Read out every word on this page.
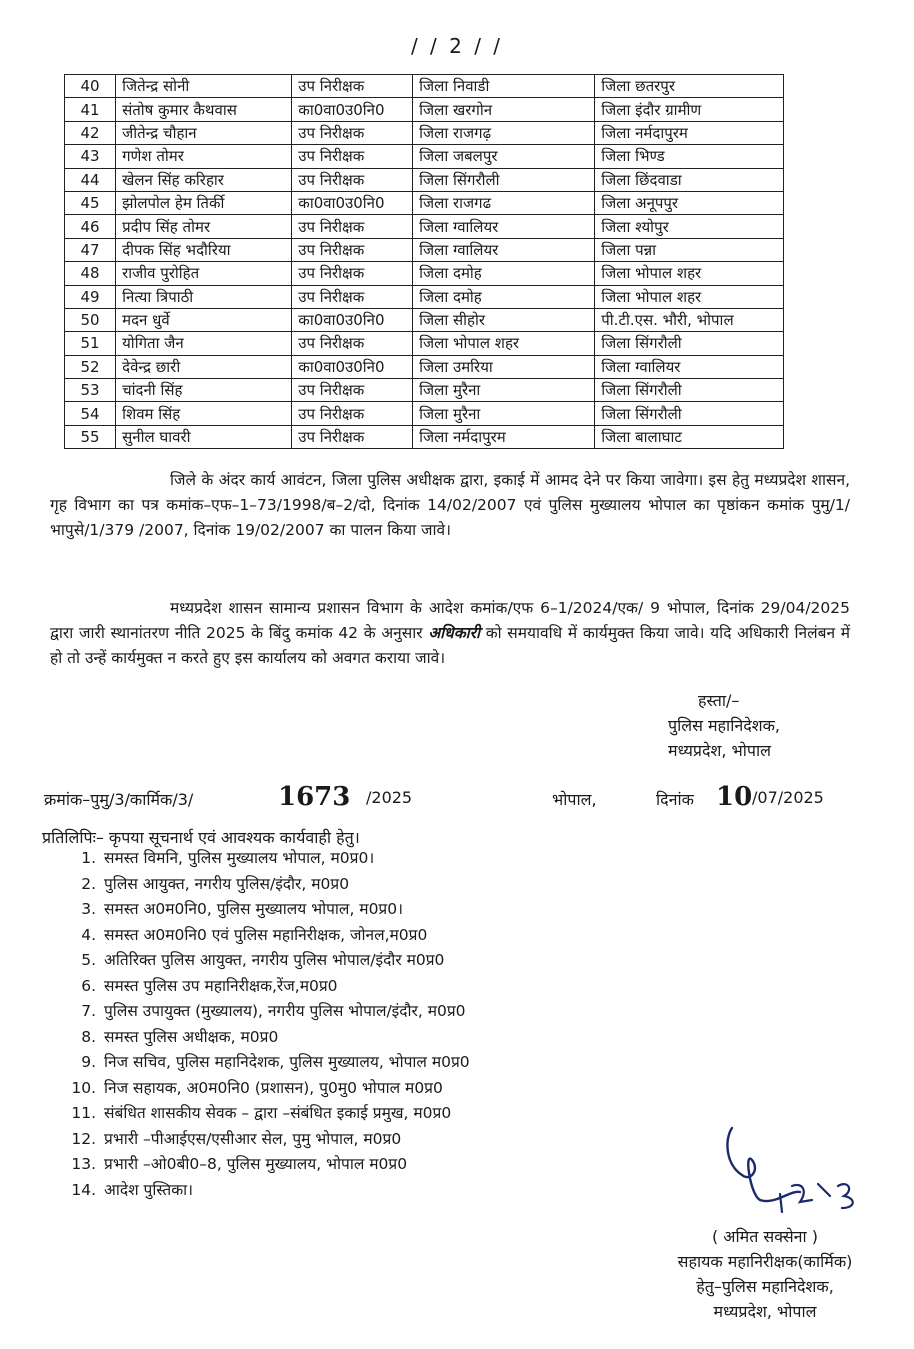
/ / 2 / /
40	जितेन्द्र सोनी	उप निरीक्षक	जिला निवाडी	जिला छतरपुर
41	संतोष कुमार कैथवास	का0वा0उ0नि0	जिला खरगोन	जिला इंदौर ग्रामीण
42	जीतेन्द्र चौहान	उप निरीक्षक	जिला राजगढ़	जिला नर्मदापुरम
43	गणेश तोमर	उप निरीक्षक	जिला जबलपुर	जिला भिण्ड
44	खेलन सिंह करिहार	उप निरीक्षक	जिला सिंगरौली	जिला छिंदवाडा
45	झोलपोल हेम तिर्की	का0वा0उ0नि0	जिला राजगढ	जिला अनूपपुर
46	प्रदीप सिंह तोमर	उप निरीक्षक	जिला ग्वालियर	जिला श्योपुर
47	दीपक सिंह भदौरिया	उप निरीक्षक	जिला ग्वालियर	जिला पन्ना
48	राजीव पुरोहित	उप निरीक्षक	जिला दमोह	जिला भोपाल शहर
49	नित्या त्रिपाठी	उप निरीक्षक	जिला दमोह	जिला भोपाल शहर
50	मदन धुर्वे	का0वा0उ0नि0	जिला सीहोर	पी.टी.एस. भौरी, भोपाल
51	योगिता जैन	उप निरीक्षक	जिला भोपाल शहर	जिला सिंगरौली
52	देवेन्द्र छारी	का0वा0उ0नि0	जिला उमरिया	जिला ग्वालियर
53	चांदनी सिंह	उप निरीक्षक	जिला मुरैना	जिला सिंगरौली
54	शिवम सिंह	उप निरीक्षक	जिला मुरैना	जिला सिंगरौली
55	सुनील घावरी	उप निरीक्षक	जिला नर्मदापुरम	जिला बालाघाट
जिले के अंदर कार्य आवंटन, जिला पुलिस अधीक्षक द्वारा, इकाई में आमद देने पर किया जावेगा। इस हेतु मध्यप्रदेश शासन, गृह विभाग का पत्र कमांक–एफ–1–73/1998/ब–2/दो, दिनांक 14/02/2007 एवं पुलिस मुख्यालय भोपाल का पृष्ठांकन कमांक पुमु/1/भापुसे/1/379 /2007, दिनांक 19/02/2007 का पालन किया जावे।
मध्यप्रदेश शासन सामान्य प्रशासन विभाग के आदेश कमांक/एफ 6–1/2024/एक/ 9 भोपाल, दिनांक 29/04/2025 द्वारा जारी स्थानांतरण नीति 2025 के बिंदु कमांक 42 के अनुसार अधिकारी को समयावधि में कार्यमुक्त किया जावे। यदि अधिकारी निलंबन में हो तो उन्हें कार्यमुक्त न करते हुए इस कार्यालय को अवगत कराया जावे।
हस्ता/–
पुलिस महानिदेशक,
मध्यप्रदेश, भोपाल
क्रमांक–पुमु/3/कार्मिक/3/	1673 /2025	भोपाल,	दिनांक 10 /07/2025
प्रतिलिपिः– कृपया सूचनार्थ एवं आवश्यक कार्यवाही हेतु।
1. समस्त विमनि, पुलिस मुख्यालय भोपाल, म0प्र0।
2. पुलिस आयुक्त, नगरीय पुलिस/इंदौर, म0प्र0
3. समस्त अ0म0नि0, पुलिस मुख्यालय भोपाल, म0प्र0।
4. समस्त अ0म0नि0 एवं पुलिस महानिरीक्षक, जोनल,म0प्र0
5. अतिरिक्त पुलिस आयुक्त, नगरीय पुलिस भोपाल/इंदौर म0प्र0
6. समस्त पुलिस उप महानिरीक्षक,रेंज,म0प्र0
7. पुलिस उपायुक्त (मुख्यालय), नगरीय पुलिस भोपाल/इंदौर, म0प्र0
8. समस्त पुलिस अधीक्षक, म0प्र0
9. निज सचिव, पुलिस महानिदेशक, पुलिस मुख्यालय, भोपाल म0प्र0
10. निज सहायक, अ0म0नि0 (प्रशासन), पु0मु0 भोपाल म0प्र0
11. संबंधित शासकीय सेवक – द्वारा –संबंधित इकाई प्रमुख, म0प्र0
12. प्रभारी –पीआईएस/एसीआर सेल, पुमु भोपाल, म0प्र0
13. प्रभारी –ओ0बी0–8, पुलिस मुख्यालय, भोपाल म0प्र0
14. आदेश पुस्तिका।
( अमित सक्सेना )
सहायक महानिरीक्षक(कार्मिक)
हेतु–पुलिस महानिदेशक,
मध्यप्रदेश, भोपाल
